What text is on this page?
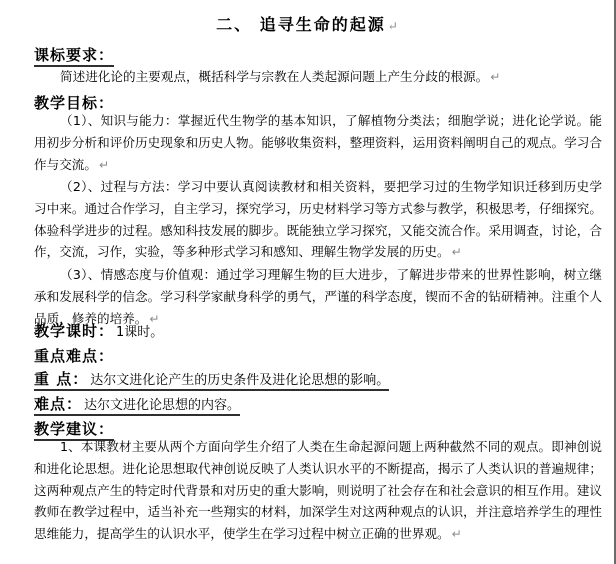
二、 追寻生命的起源 ↵
课标要求：

简述进化论的主要观点，概括科学与宗教在人类起源问题上产生分歧的根源。 ↵

教学目标：

（1）、知识与能力：掌握近代生物学的基本知识，了解植物分类法；细胞学说；进化论学说。能用初步分析和评价历史现象和历史人物。能够收集资料，整理资料，运用资料阐明自己的观点。学习合作与交流。 ↵

（2）、过程与方法：学习中要认真阅读教材和相关资料，要把学习过的生物学知识迁移到历史学习中来。通过合作学习，自主学习，探究学习，历史材料学习等方式参与教学，积极思考，仔细探究。体验科学进步的过程。感知科技发展的脚步。既能独立学习探究，又能交流合作。采用调查，讨论，合作，交流，习作，实验，等多种形式学习和感知、理解生物学发展的历史。 ↵

（3）、情感态度与价值观：通过学习理解生物的巨大进步，了解进步带来的世界性影响，树立继承和发展科学的信念。学习科学家献身科学的勇气，严谨的科学态度，锲而不舍的钻研精神。注重个人品质，修养的培养。 ↵

教学课时： 1课时。
重点难点：
重 点： 达尔文进化论产生的历史条件及进化论思想的影响。
难点： 达尔文进化论思想的内容。
教学建议：

1、本课教材主要从两个方面向学生介绍了人类在生命起源问题上两种截然不同的观点。即神创说和进化论思想。进化论思想取代神创说反映了人类认识水平的不断提高，揭示了人类认识的普遍规律；这两种观点产生的特定时代背景和对历史的重大影响，则说明了社会存在和社会意识的相互作用。建议教师在教学过程中，适当补充一些翔实的材料，加深学生对这两种观点的认识，并注意培养学生的理性思维能力，提高学生的认识水平，使学生在学习过程中树立正确的世界观。 ↵
